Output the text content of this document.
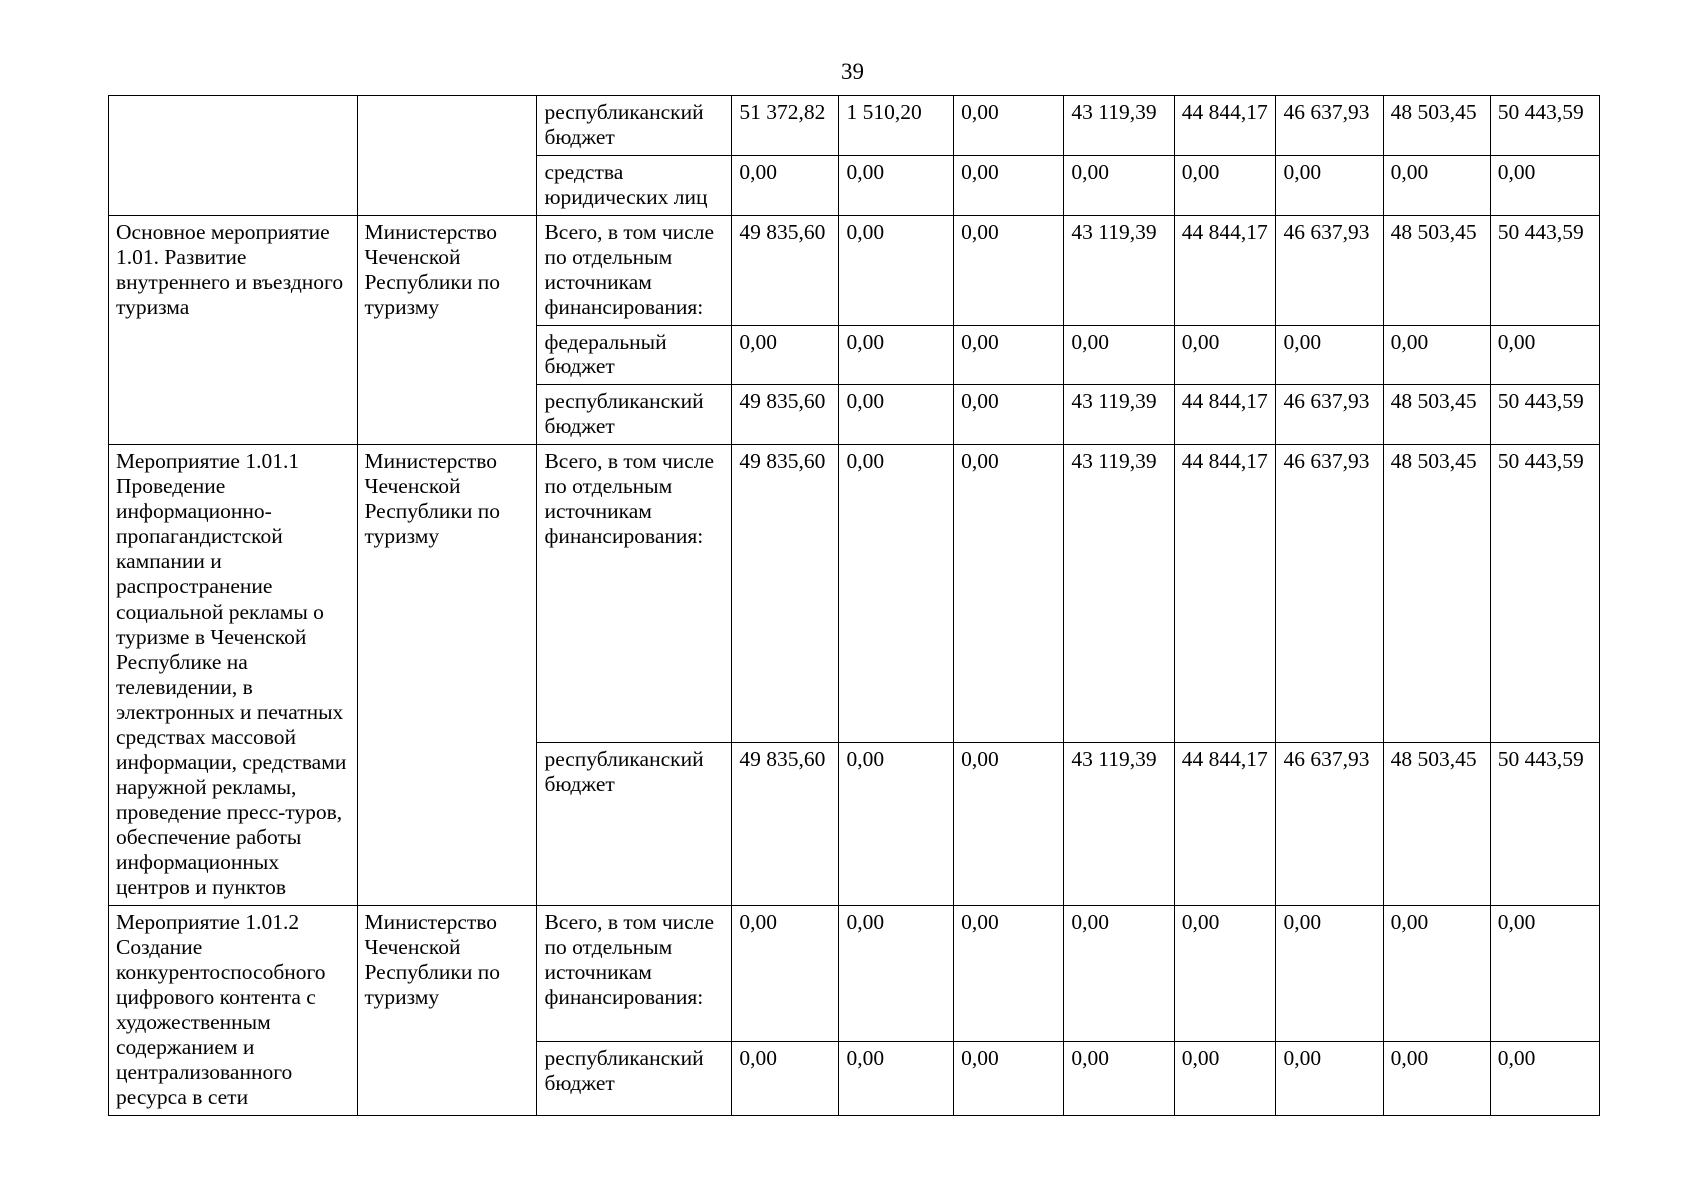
39
		республиканский бюджет	51 372,82	1 510,20	0,00	43 119,39	44 844,17	46 637,93	48 503,45	50 443,59
		средства юридических лиц	0,00	0,00	0,00	0,00	0,00	0,00	0,00	0,00
Основное мероприятие 1.01. Развитие внутреннего и въездного туризма	Министерство Чеченской Республики по туризму	Всего, в том числе по отдельным источникам финансирования:	49 835,60	0,00	0,00	43 119,39	44 844,17	46 637,93	48 503,45	50 443,59
		федеральный бюджет	0,00	0,00	0,00	0,00	0,00	0,00	0,00	0,00
		республиканский бюджет	49 835,60	0,00	0,00	43 119,39	44 844,17	46 637,93	48 503,45	50 443,59
Мероприятие 1.01.1 Проведение информационно-пропагандистской кампании и распространение социальной рекламы о туризме в Чеченской Республике на телевидении, в электронных и печатных средствах массовой информации, средствами наружной рекламы, проведение пресс-туров, обеспечение работы информационных центров и пунктов	Министерство Чеченской Республики по туризму	Всего, в том числе по отдельным источникам финансирования:	49 835,60	0,00	0,00	43 119,39	44 844,17	46 637,93	48 503,45	50 443,59
		республиканский бюджет	49 835,60	0,00	0,00	43 119,39	44 844,17	46 637,93	48 503,45	50 443,59
Мероприятие 1.01.2 Создание конкурентоспособного цифрового контента с художественным содержанием и централизованного ресурса в сети	Министерство Чеченской Республики по туризму	Всего, в том числе по отдельным источникам финансирования:	0,00	0,00	0,00	0,00	0,00	0,00	0,00	0,00
		республиканский бюджет	0,00	0,00	0,00	0,00	0,00	0,00	0,00	0,00
